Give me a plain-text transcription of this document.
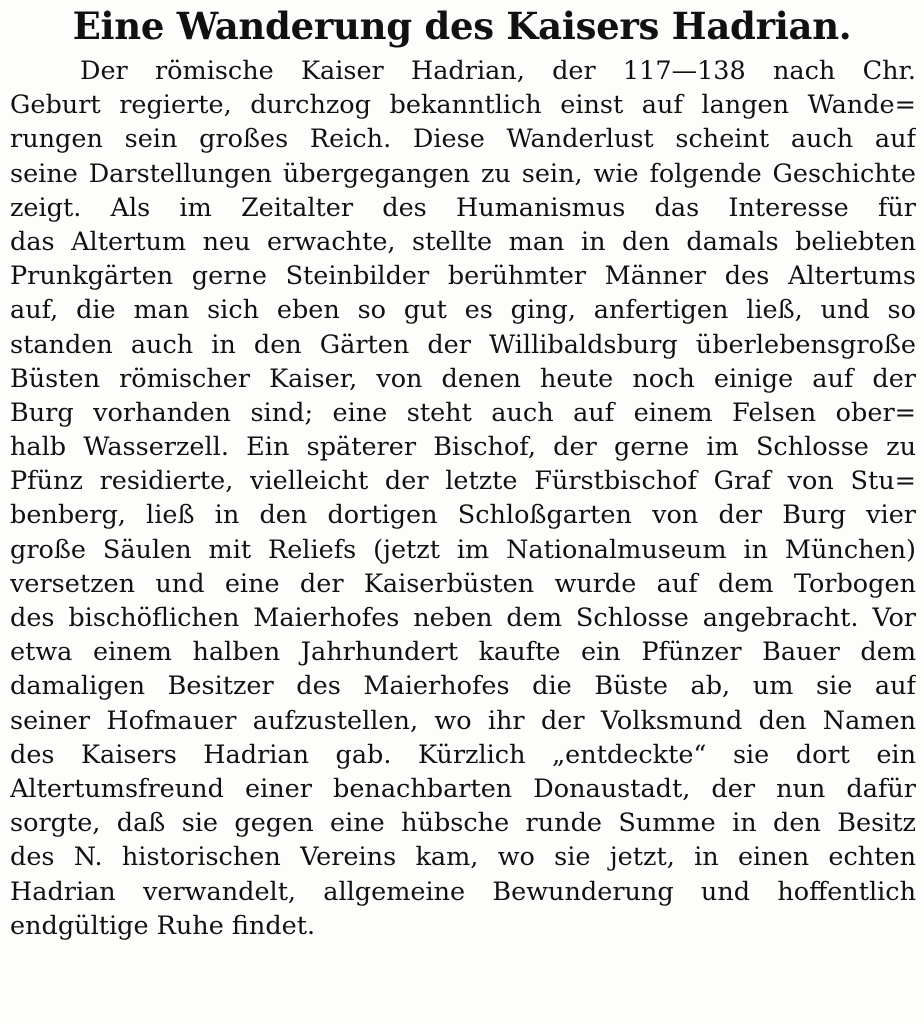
Eine Wanderung des Kaisers Hadrian.
Der römische Kaiser Hadrian, der 117—138 nach Chr.
Geburt regierte, durchzog bekanntlich einst auf langen Wande=
rungen sein großes Reich. Diese Wanderlust scheint auch auf
seine Darstellungen übergegangen zu sein, wie folgende Geschichte
zeigt. Als im Zeitalter des Humanismus das Interesse für
das Altertum neu erwachte, stellte man in den damals beliebten
Prunkgärten gerne Steinbilder berühmter Männer des Altertums
auf, die man sich eben so gut es ging, anfertigen ließ, und so
standen auch in den Gärten der Willibaldsburg überlebensgroße
Büsten römischer Kaiser, von denen heute noch einige auf der
Burg vorhanden sind; eine steht auch auf einem Felsen ober=
halb Wasserzell. Ein späterer Bischof, der gerne im Schlosse zu
Pfünz residierte, vielleicht der letzte Fürstbischof Graf von Stu=
benberg, ließ in den dortigen Schloßgarten von der Burg vier
große Säulen mit Reliefs (jetzt im Nationalmuseum in München)
versetzen und eine der Kaiserbüsten wurde auf dem Torbogen
des bischöflichen Maierhofes neben dem Schlosse angebracht. Vor
etwa einem halben Jahrhundert kaufte ein Pfünzer Bauer dem
damaligen Besitzer des Maierhofes die Büste ab, um sie auf
seiner Hofmauer aufzustellen, wo ihr der Volksmund den Namen
des Kaisers Hadrian gab. Kürzlich „entdeckte“ sie dort ein
Altertumsfreund einer benachbarten Donaustadt, der nun dafür
sorgte, daß sie gegen eine hübsche runde Summe in den Besitz
des N. historischen Vereins kam, wo sie jetzt, in einen echten
Hadrian verwandelt, allgemeine Bewunderung und hoffentlich
endgültige Ruhe findet.
